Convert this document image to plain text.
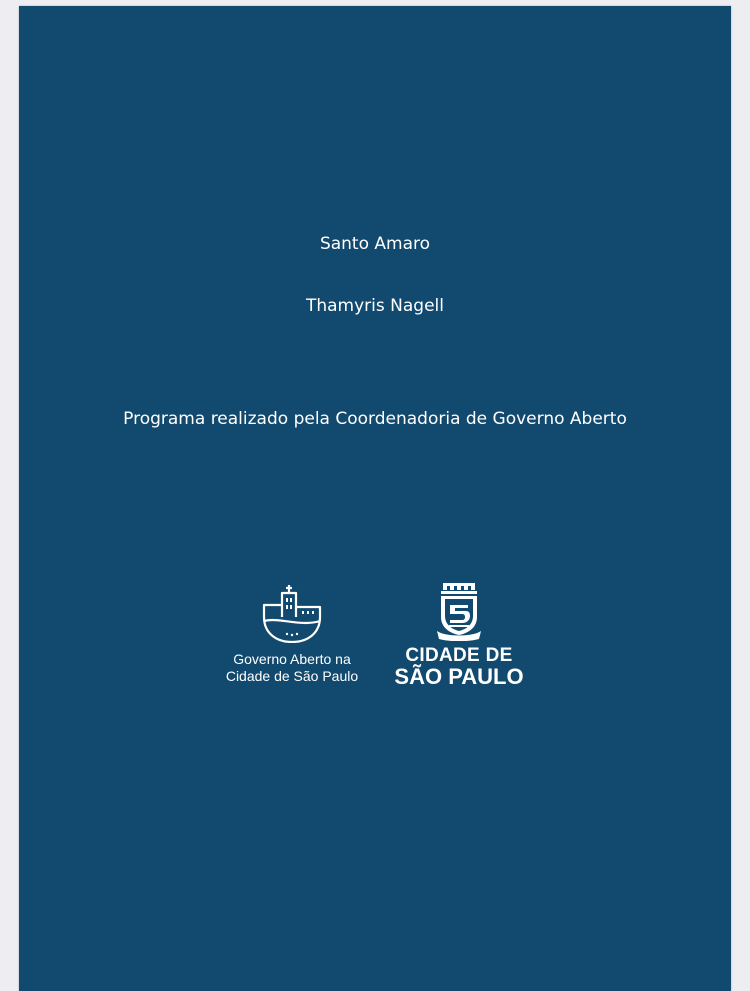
Santo Amaro
Thamyris Nagell
Programa realizado pela Coordenadoria de Governo Aberto
Governo Aberto na
Cidade de São Paulo
CIDADE DE
SÃO PAULO
